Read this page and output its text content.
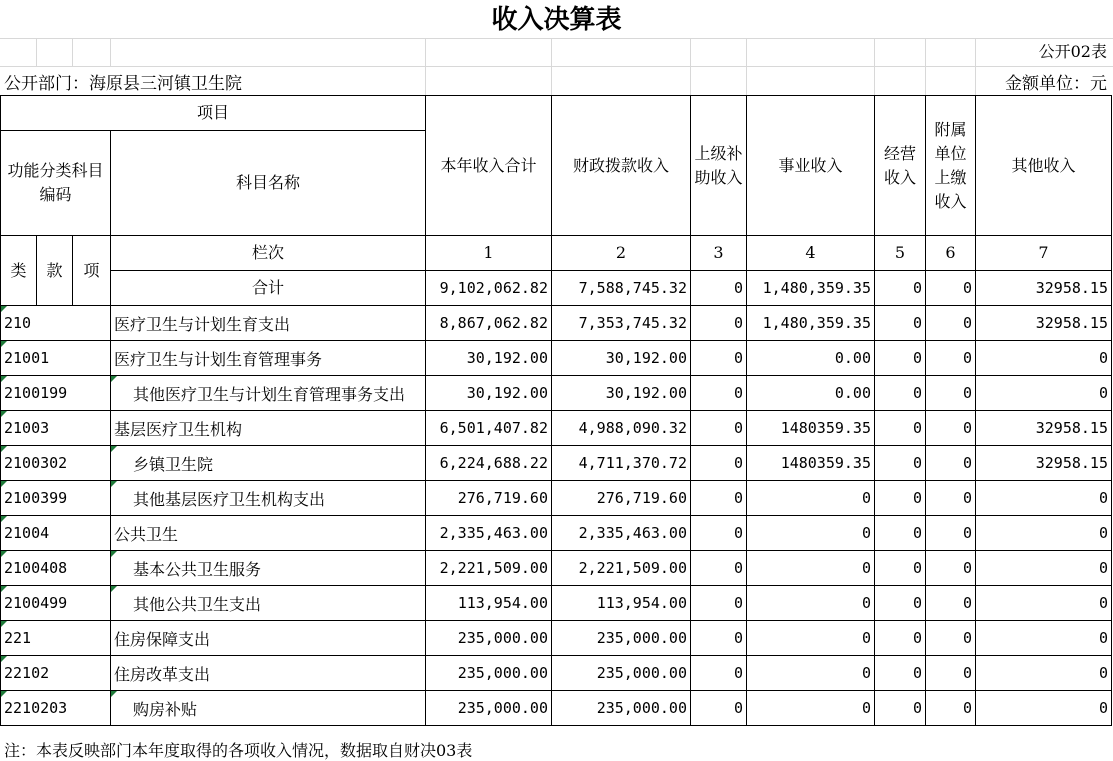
收入决算表
公开02表
公开部门：海原县三河镇卫生院	金额单位：元
项目				本年收入合计	财政拨款收入	上级补助收入	事业收入	经营收入	附属单位上缴收入	其他收入
功能分类科目编码			科目名称							
类	款	项	栏次	1	2	3	4	5	6	7
			合计	9,102,062.82	7,588,745.32	0	1,480,359.35	0	0	32958.15

210			医疗卫生与计划生育支出	8,867,062.82	7,353,745.32	0	1,480,359.35	0	0	32958.15

21001			医疗卫生与计划生育管理事务	30,192.00	30,192.00	0	0.00	0	0	0

2100199			其他医疗卫生与计划生育管理事务支出	30,192.00	30,192.00	0	0.00	0	0	0

21003			基层医疗卫生机构	6,501,407.82	4,988,090.32	0	1480359.35	0	0	32958.15

2100302			乡镇卫生院	6,224,688.22	4,711,370.72	0	1480359.35	0	0	32958.15

2100399			其他基层医疗卫生机构支出	276,719.60	276,719.60	0	0	0	0	0

21004			公共卫生	2,335,463.00	2,335,463.00	0	0	0	0	0

2100408			基本公共卫生服务	2,221,509.00	2,221,509.00	0	0	0	0	0

2100499			其他公共卫生支出	113,954.00	113,954.00	0	0	0	0	0

221			住房保障支出	235,000.00	235,000.00	0	0	0	0	0

22102			住房改革支出	235,000.00	235,000.00	0	0	0	0	0

2210203			购房补贴	235,000.00	235,000.00	0	0	0	0	0
注：本表反映部门本年度取得的各项收入情况，数据取自财决03表
